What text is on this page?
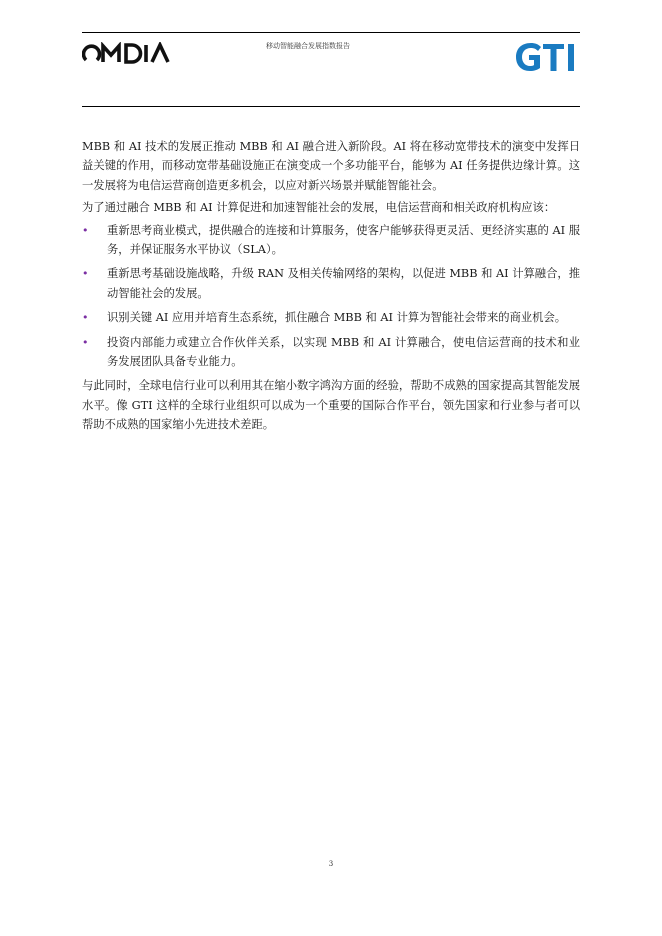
移动智能融合发展指数报告

MBB 和 AI 技术的发展正推动 MBB 和 AI 融合进入新阶段。AI 将在移动宽带技术的演变中发挥日益关键的作用，而移动宽带基础设施正在演变成一个多功能平台，能够为 AI 任务提供边缘计算。这一发展将为电信运营商创造更多机会，以应对新兴场景并赋能智能社会。

为了通过融合 MBB 和 AI 计算促进和加速智能社会的发展，电信运营商和相关政府机构应该：

• 重新思考商业模式，提供融合的连接和计算服务，使客户能够获得更灵活、更经济实惠的 AI 服务，并保证服务水平协议（SLA）。
• 重新思考基础设施战略，升级 RAN 及相关传输网络的架构，以促进 MBB 和 AI 计算融合，推动智能社会的发展。
• 识别关键 AI 应用并培育生态系统，抓住融合 MBB 和 AI 计算为智能社会带来的商业机会。
• 投资内部能力或建立合作伙伴关系，以实现 MBB 和 AI 计算融合，使电信运营商的技术和业务发展团队具备专业能力。

与此同时，全球电信行业可以利用其在缩小数字鸿沟方面的经验，帮助不成熟的国家提高其智能发展水平。像 GTI 这样的全球行业组织可以成为一个重要的国际合作平台，领先国家和行业参与者可以帮助不成熟的国家缩小先进技术差距。

3
